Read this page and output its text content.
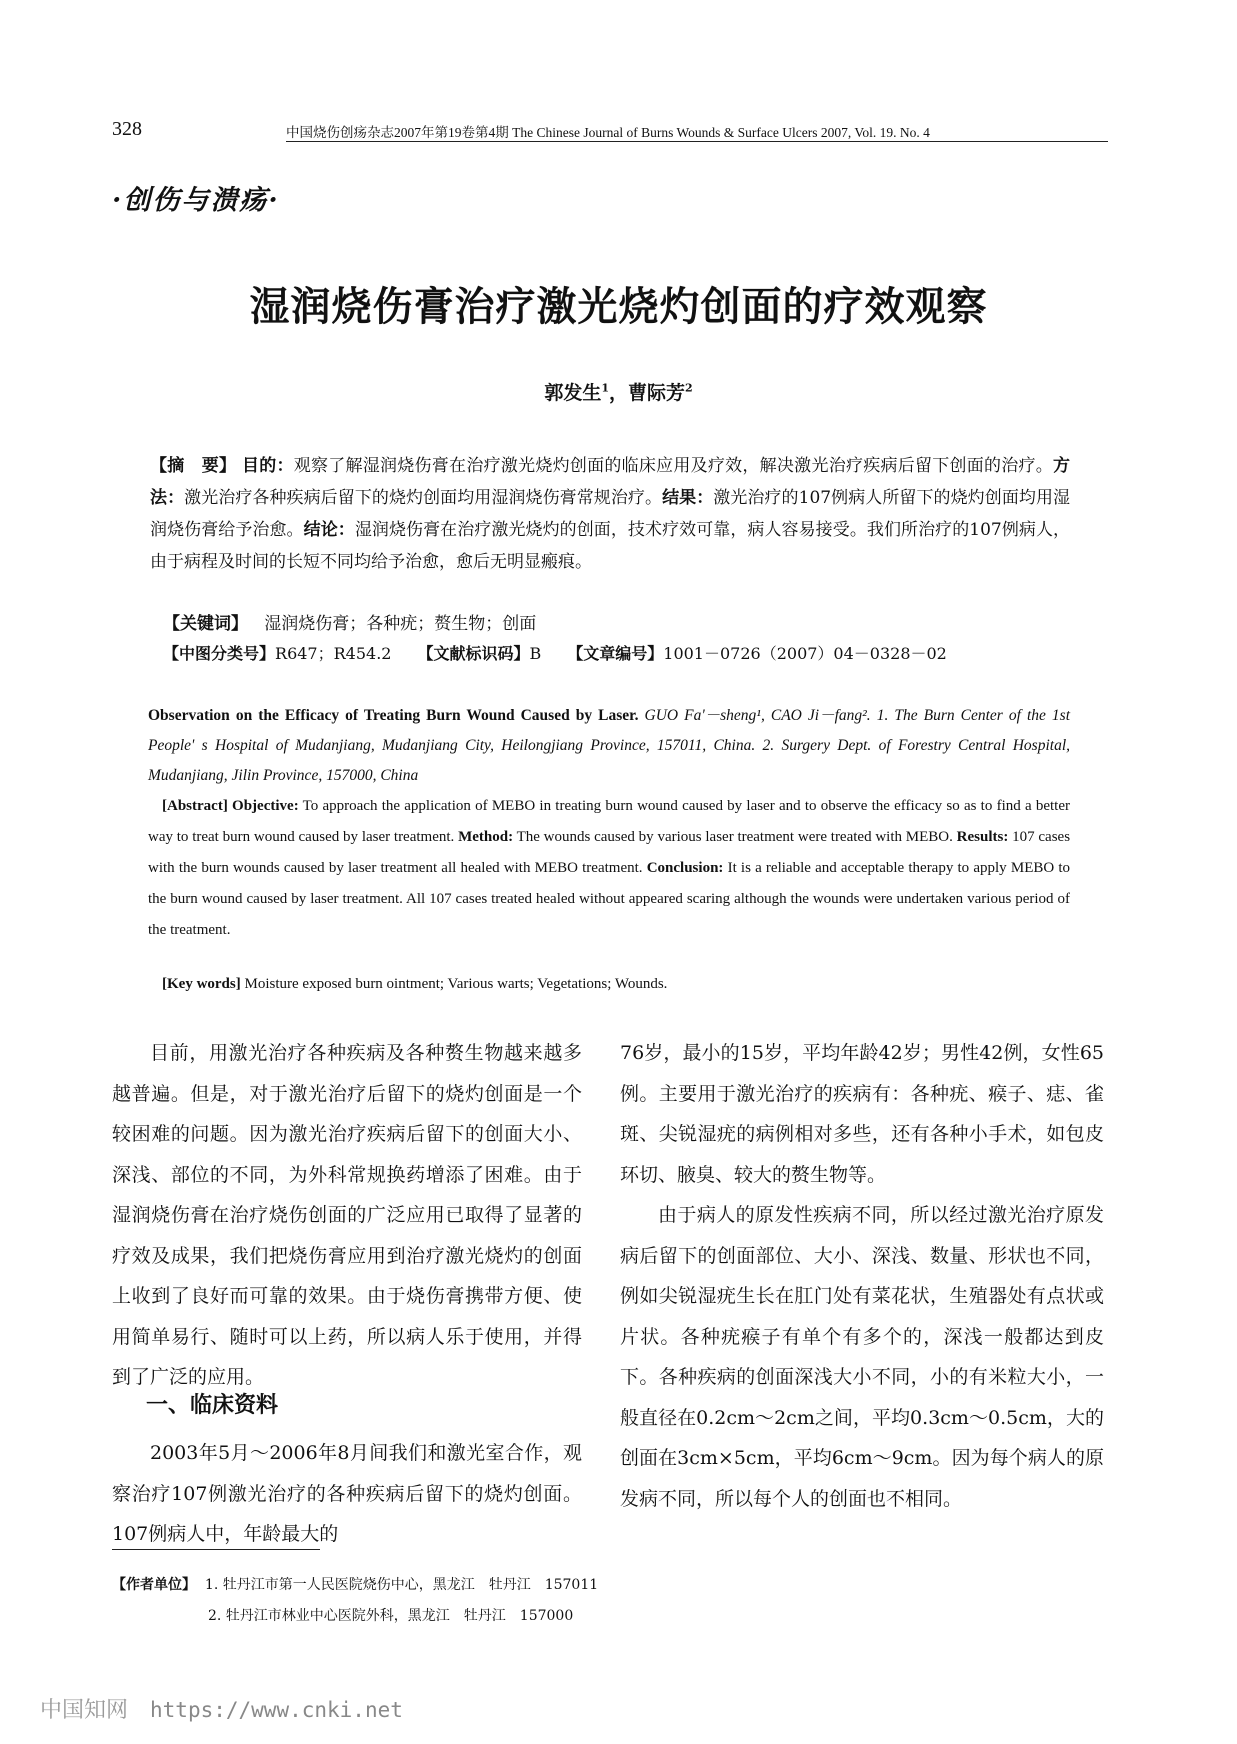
328	中国烧伤创疡杂志2007年第19卷第4期 The Chinese Journal of Burns Wounds & Surface Ulcers 2007, Vol. 19. No. 4
·创伤与溃疡·
湿润烧伤膏治疗激光烧灼创面的疗效观察
郭发生$^1$，曹际芳$^2$
【摘　要】 目的：观察了解湿润烧伤膏在治疗激光烧灼创面的临床应用及疗效，解决激光治疗疾病后留下创面的治疗。方法：激光治疗各种疾病后留下的烧灼创面均用湿润烧伤膏常规治疗。结果：激光治疗的107例病人所留下的烧灼创面均用湿润烧伤膏给予治愈。结论：湿润烧伤膏在治疗激光烧灼的创面，技术疗效可靠，病人容易接受。我们所治疗的107例病人，由于病程及时间的长短不同均给予治愈，愈后无明显瘢痕。
【关键词】 湿润烧伤膏；各种疣；赘生物；创面
【中图分类号】R647；R454.2 【文献标识码】B 【文章编号】1001－0726（2007）04－0328－02
Observation on the Efficacy of Treating Burn Wound Caused by Laser. GUO Fa'－sheng¹, CAO Ji－fang². 1. The Burn Center of the 1st People' s Hospital of Mudanjiang, Mudanjiang City, Heilongjiang Province, 157011, China. 2. Surgery Dept. of Forestry Central Hospital, Mudanjiang, Jilin Province, 157000, China
[Abstract] Objective: To approach the application of MEBO in treating burn wound caused by laser and to observe the efficacy so as to find a better way to treat burn wound caused by laser treatment. Method: The wounds caused by various laser treatment were treated with MEBO. Results: 107 cases with the burn wounds caused by laser treatment all healed with MEBO treatment. Conclusion: It is a reliable and acceptable therapy to apply MEBO to the burn wound caused by laser treatment. All 107 cases treated healed without appeared scaring although the wounds were undertaken various period of the treatment.
[Key words] Moisture exposed burn ointment; Various warts; Vegetations; Wounds.

目前，用激光治疗各种疾病及各种赘生物越来越多越普遍。但是，对于激光治疗后留下的烧灼创面是一个较困难的问题。因为激光治疗疾病后留下的创面大小、深浅、部位的不同，为外科常规换药增添了困难。由于湿润烧伤膏在治疗烧伤创面的广泛应用已取得了显著的疗效及成果，我们把烧伤膏应用到治疗激光烧灼的创面上收到了良好而可靠的效果。由于烧伤膏携带方便、使用简单易行、随时可以上药，所以病人乐于使用，并得到了广泛的应用。

一、临床资料

2003年5月～2006年8月间我们和激光室合作，观察治疗107例激光治疗的各种疾病后留下的烧灼创面。107例病人中，年龄最大的

76岁，最小的15岁，平均年龄42岁；男性42例，女性65例。主要用于激光治疗的疾病有：各种疣、瘊子、痣、雀斑、尖锐湿疣的病例相对多些，还有各种小手术，如包皮环切、腋臭、较大的赘生物等。

由于病人的原发性疾病不同，所以经过激光治疗原发病后留下的创面部位、大小、深浅、数量、形状也不同，例如尖锐湿疣生长在肛门处有菜花状，生殖器处有点状或片状。各种疣瘊子有单个有多个的，深浅一般都达到皮下。各种疾病的创面深浅大小不同，小的有米粒大小，一般直径在0.2cm～2cm之间，平均0.3cm～0.5cm，大的创面在3cm×5cm，平均6cm～9cm。因为每个病人的原发病不同，所以每个人的创面也不相同。

【作者单位】 1. 牡丹江市第一人民医院烧伤中心，黑龙江　牡丹江　157011
2. 牡丹江市林业中心医院外科，黑龙江　牡丹江　157000
中国知网 https://www.cnki.net
